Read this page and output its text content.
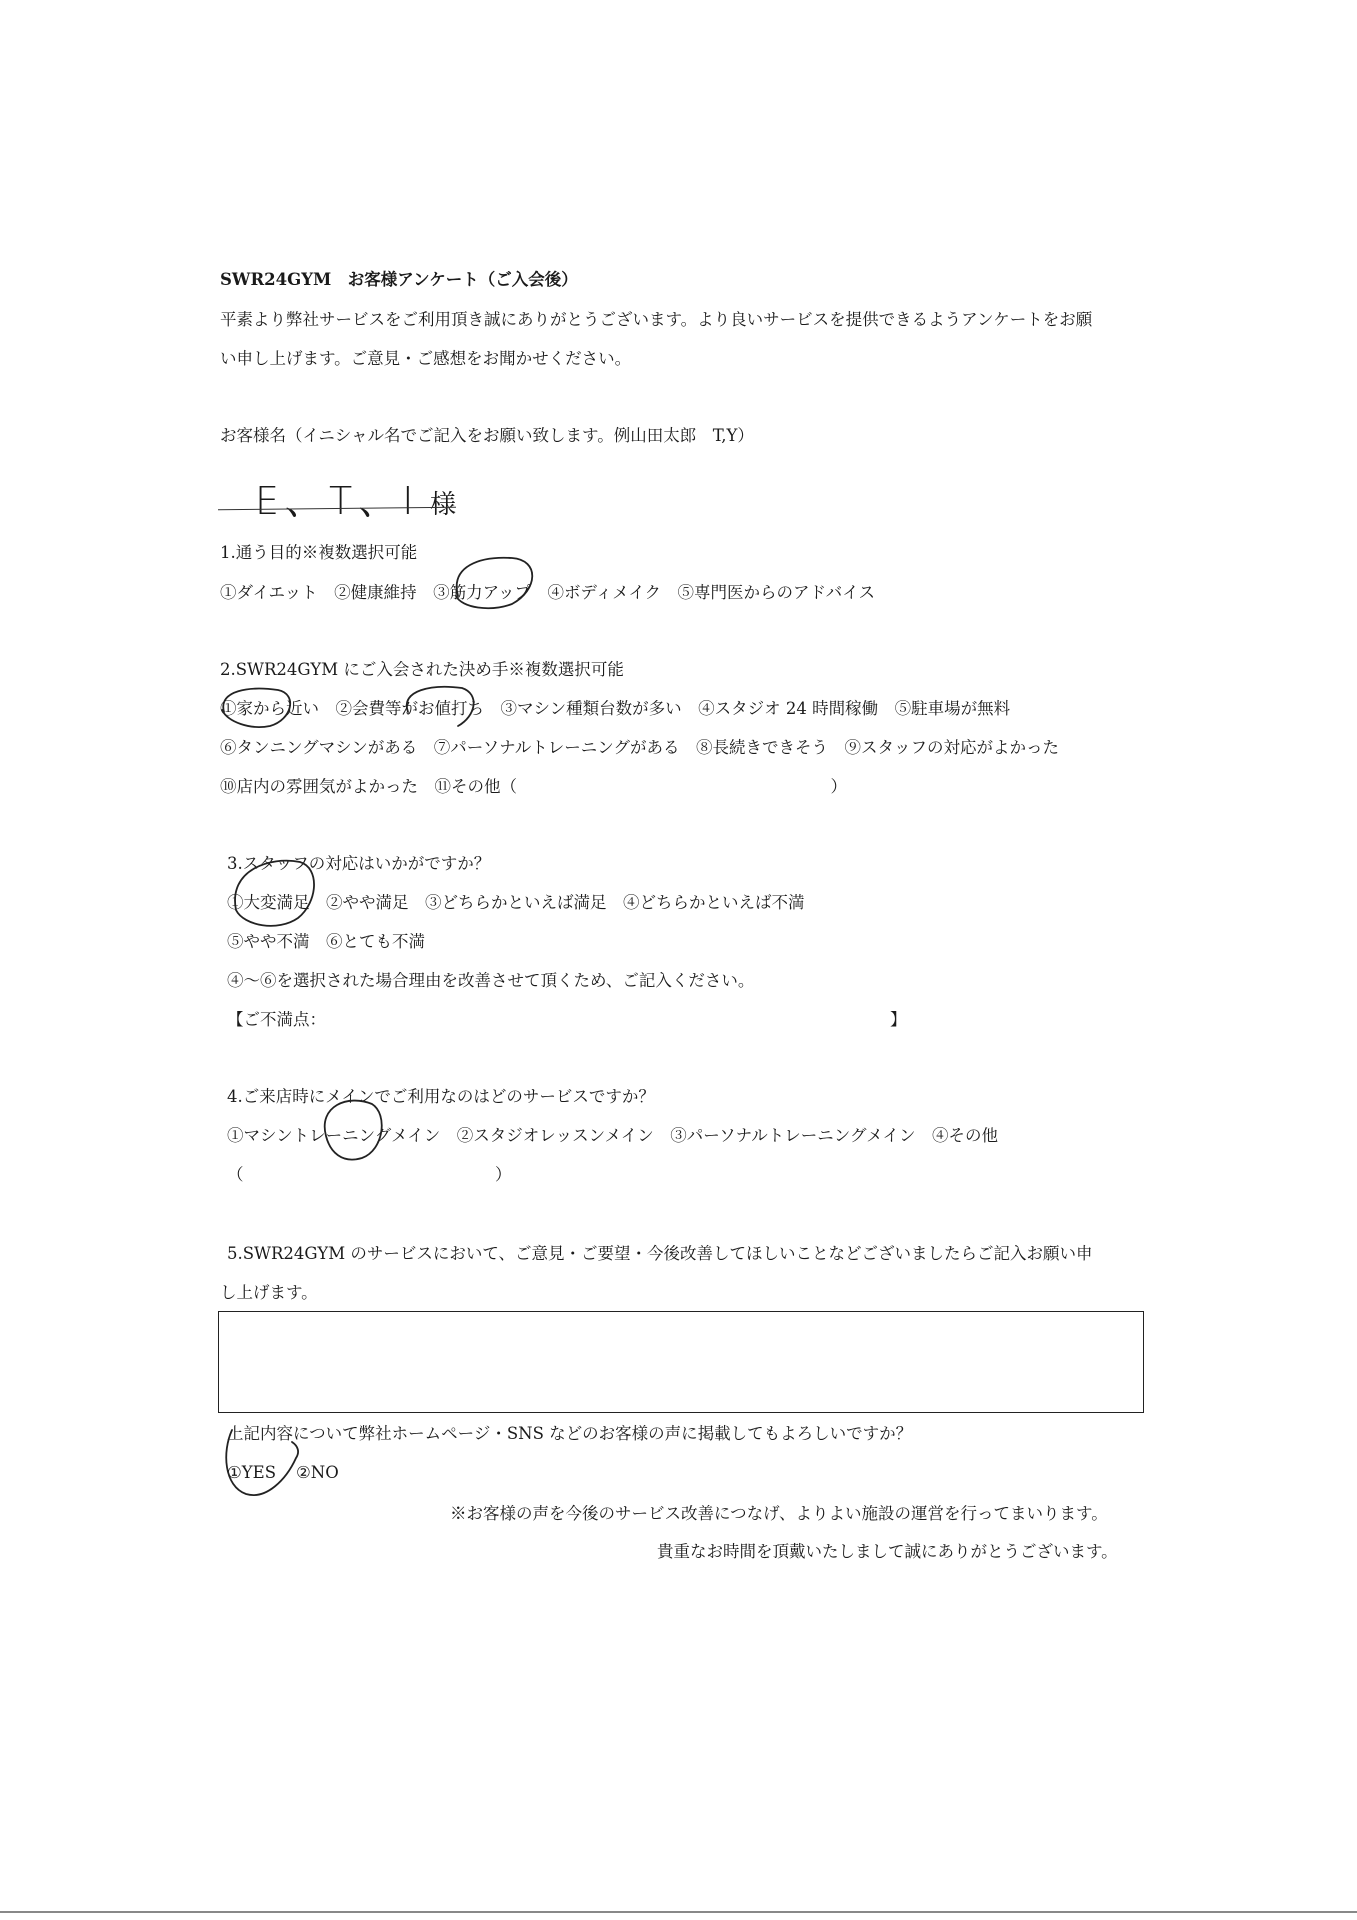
SWR24GYM　お客様アンケート（ご入会後）
平素より弊社サービスをご利用頂き誠にありがとうございます。より良いサービスを提供できるようアンケートをお願
い申し上げます。ご意見・ご感想をお聞かせください。
お客様名（イニシャル名でご記入をお願い致します。例山田太郎　T,Y）
E、T、I 様
1.通う目的※複数選択可能
①ダイエット　②健康維持　③筋力アップ　④ボディメイク　⑤専門医からのアドバイス
2.SWR24GYM にご入会された決め手※複数選択可能
①家から近い　②会費等がお値打ち　③マシン種類台数が多い　④スタジオ 24 時間稼働　⑤駐車場が無料
⑥タンニングマシンがある　⑦パーソナルトレーニングがある　⑧長続きできそう　⑨スタッフの対応がよかった
⑩店内の雰囲気がよかった　⑪その他（　　　　　　　　　　　　　　　　　　　）
3.スタッフの対応はいかがですか？
①大変満足　②やや満足　③どちらかといえば満足　④どちらかといえば不満
⑤やや不満　⑥とても不満
④～⑥を選択された場合理由を改善させて頂くため、ご記入ください。
【ご不満点：	】
4.ご来店時にメインでご利用なのはどのサービスですか？
①マシントレーニングメイン　②スタジオレッスンメイン　③パーソナルトレーニングメイン　④その他
（	）
5.SWR24GYM のサービスにおいて、ご意見・ご要望・今後改善してほしいことなどございましたらご記入お願い申
し上げます。
上記内容について弊社ホームページ・SNS などのお客様の声に掲載してもよろしいですか？
①YES ②NO
※お客様の声を今後のサービス改善につなげ、よりよい施設の運営を行ってまいります。
貴重なお時間を頂戴いたしまして誠にありがとうございます。
